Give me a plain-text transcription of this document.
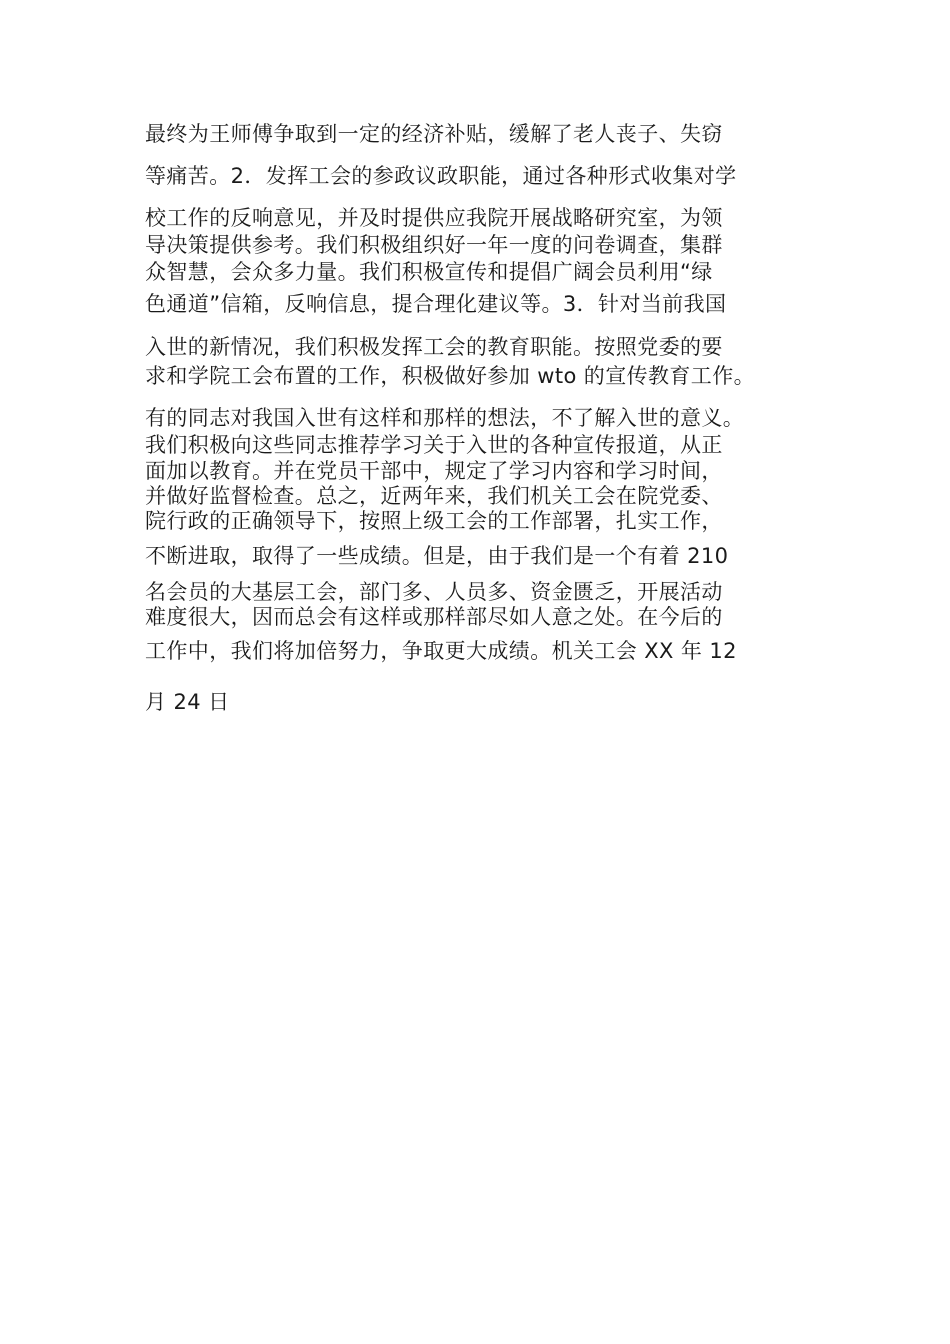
最终为王师傅争取到一定的经济补贴，缓解了老人丧子、失窃
等痛苦。2．发挥工会的参政议政职能，通过各种形式收集对学
校工作的反响意见，并及时提供应我院开展战略研究室，为领
导决策提供参考。我们积极组织好一年一度的问卷调查，集群
众智慧，会众多力量。我们积极宣传和提倡广阔会员利用“绿
色通道”信箱，反响信息，提合理化建议等。3．针对当前我国
入世的新情况，我们积极发挥工会的教育职能。按照党委的要
求和学院工会布置的工作，积极做好参加 wto 的宣传教育工作。
有的同志对我国入世有这样和那样的想法，不了解入世的意义。
我们积极向这些同志推荐学习关于入世的各种宣传报道，从正
面加以教育。并在党员干部中，规定了学习内容和学习时间，
并做好监督检查。总之，近两年来，我们机关工会在院党委、
院行政的正确领导下，按照上级工会的工作部署，扎实工作，
不断进取，取得了一些成绩。但是，由于我们是一个有着 210
名会员的大基层工会，部门多、人员多、资金匮乏，开展活动
难度很大，因而总会有这样或那样部尽如人意之处。在今后的
工作中，我们将加倍努力，争取更大成绩。机关工会 XX 年 12
月 24 日
